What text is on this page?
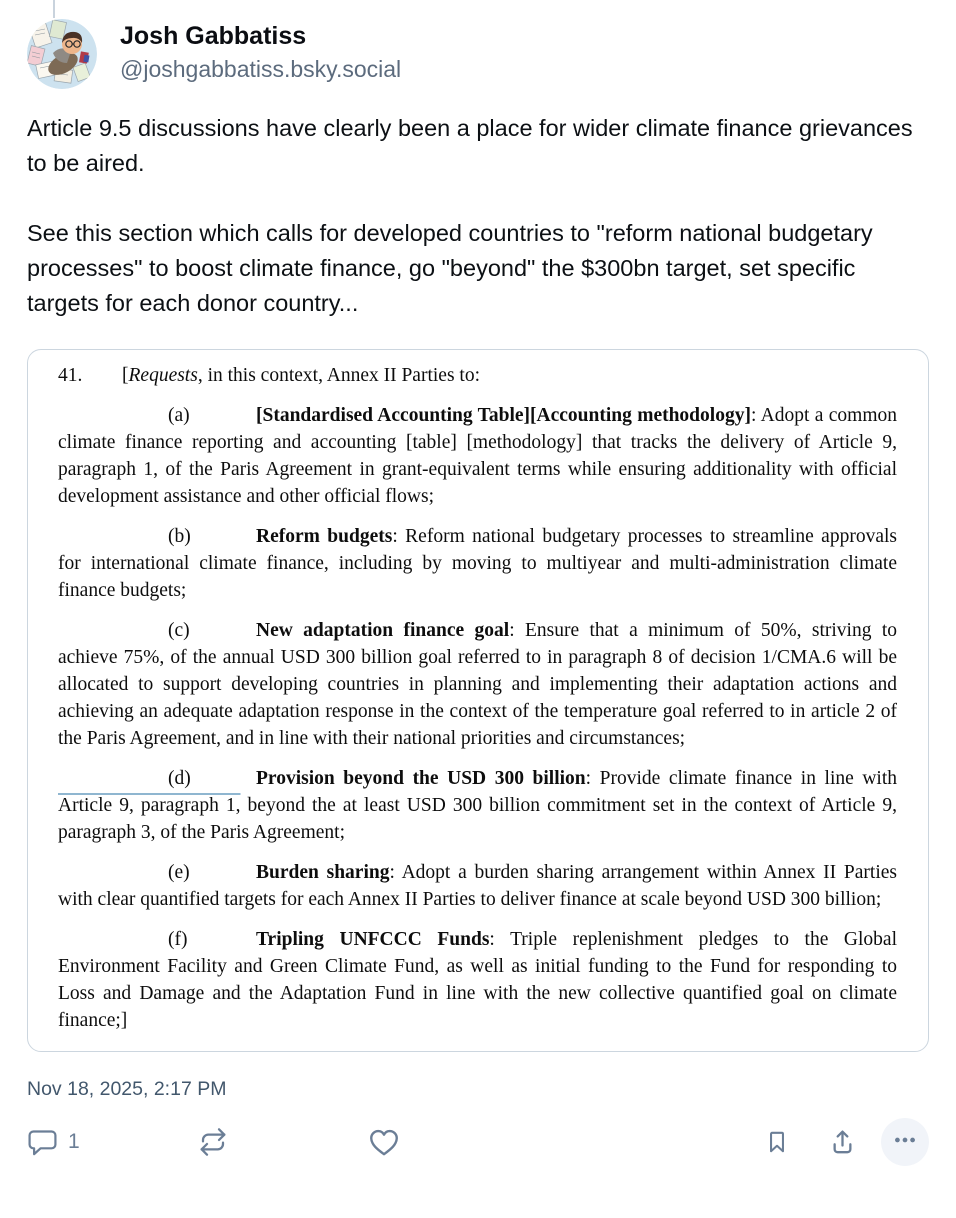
Josh Gabbatiss
@joshgabbatiss.bsky.social

Article 9.5 discussions have clearly been a place for wider climate finance grievances to be aired.

See this section which calls for developed countries to "reform national budgetary processes" to boost climate finance, go "beyond" the $300bn target, set specific targets for each donor country...

41. [Requests, in this context, Annex II Parties to:

(a)	[Standardised Accounting Table][Accounting methodology]: Adopt a common climate finance reporting and accounting [table] [methodology] that tracks the delivery of Article 9, paragraph 1, of the Paris Agreement in grant-equivalent terms while ensuring additionality with official development assistance and other official flows;

(b)	Reform budgets: Reform national budgetary processes to streamline approvals for international climate finance, including by moving to multiyear and multi-administration climate finance budgets;

(c)	New adaptation finance goal: Ensure that a minimum of 50%, striving to achieve 75%, of the annual USD 300 billion goal referred to in paragraph 8 of decision 1/CMA.6 will be allocated to support developing countries in planning and implementing their adaptation actions and achieving an adequate adaptation response in the context of the temperature goal referred to in article 2 of the Paris Agreement, and in line with their national priorities and circumstances;

(d)	Provision beyond the USD 300 billion: Provide climate finance in line with Article 9, paragraph 1, beyond the at least USD 300 billion commitment set in the context of Article 9, paragraph 3, of the Paris Agreement;

(e)	Burden sharing: Adopt a burden sharing arrangement within Annex II Parties with clear quantified targets for each Annex II Parties to deliver finance at scale beyond USD 300 billion;

(f)	Tripling UNFCCC Funds: Triple replenishment pledges to the Global Environment Facility and Green Climate Fund, as well as initial funding to the Fund for responding to Loss and Damage and the Adaptation Fund in line with the new collective quantified goal on climate finance;]

Nov 18, 2025, 2:17 PM
1
